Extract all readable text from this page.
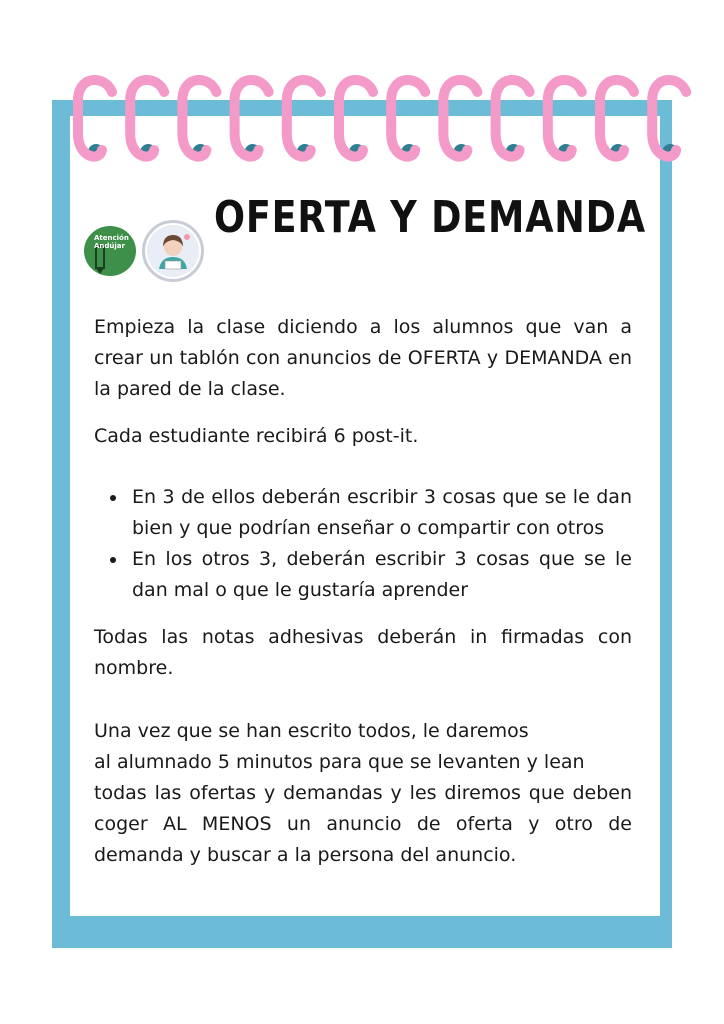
Atención Andújar
OFERTA Y DEMANDA

Empieza la clase diciendo a los alumnos que van a crear un tablón con anuncios de OFERTA y DEMANDA en la pared de la clase.

Cada estudiante recibirá 6 post-it.

En 3 de ellos deberán escribir 3 cosas que se le dan bien y que podrían enseñar o compartir con otros
En los otros 3, deberán escribir 3 cosas que se le dan mal o que le gustaría aprender

Todas las notas adhesivas deberán in firmadas con nombre.

Una vez que se han escrito todos, le daremos
al alumnado 5 minutos para que se levanten y lean
todas las ofertas y demandas y les diremos que deben coger AL MENOS un anuncio de oferta y otro de demanda y buscar a la persona del anuncio.
